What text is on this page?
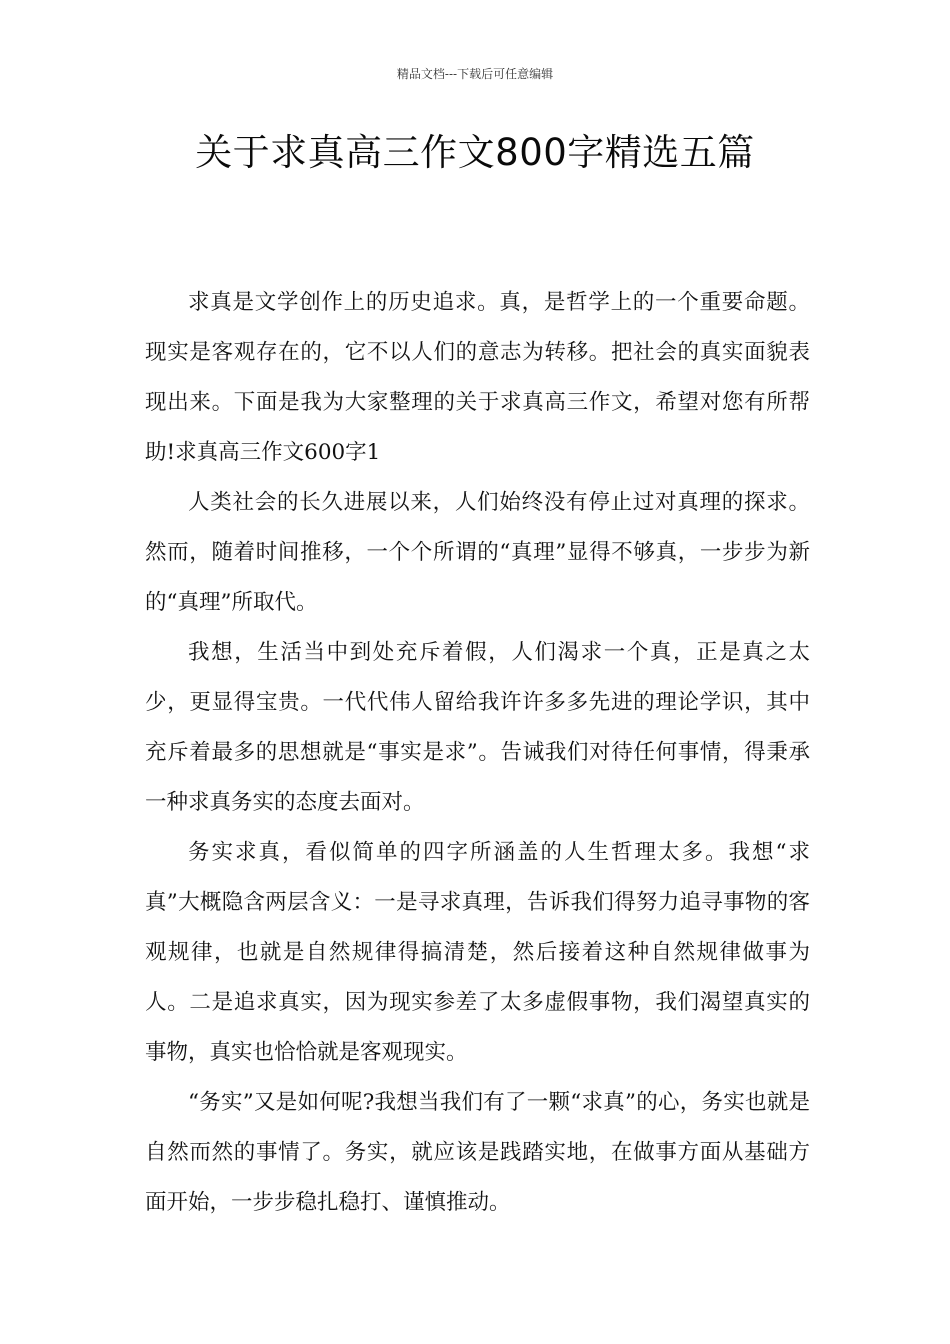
精品文档---下载后可任意编辑
关于求真高三作文800字精选五篇

求真是文学创作上的历史追求。真，是哲学上的一个重要命题。现实是客观存在的，它不以人们的意志为转移。把社会的真实面貌表现出来。下面是我为大家整理的关于求真高三作文，希望对您有所帮助!求真高三作文600字1

人类社会的长久进展以来，人们始终没有停止过对真理的探求。然而，随着时间推移，一个个所谓的“真理”显得不够真，一步步为新的“真理”所取代。

我想，生活当中到处充斥着假，人们渴求一个真，正是真之太少，更显得宝贵。一代代伟人留给我许许多多先进的理论学识，其中充斥着最多的思想就是“事实是求”。告诫我们对待任何事情，得秉承一种求真务实的态度去面对。

务实求真，看似简单的四字所涵盖的人生哲理太多。我想“求真”大概隐含两层含义：一是寻求真理，告诉我们得努力追寻事物的客观规律，也就是自然规律得搞清楚，然后接着这种自然规律做事为人。二是追求真实，因为现实参差了太多虚假事物，我们渴望真实的事物，真实也恰恰就是客观现实。

“务实”又是如何呢?我想当我们有了一颗“求真”的心，务实也就是自然而然的事情了。务实，就应该是践踏实地，在做事方面从基础方面开始，一步步稳扎稳打、谨慎推动。
